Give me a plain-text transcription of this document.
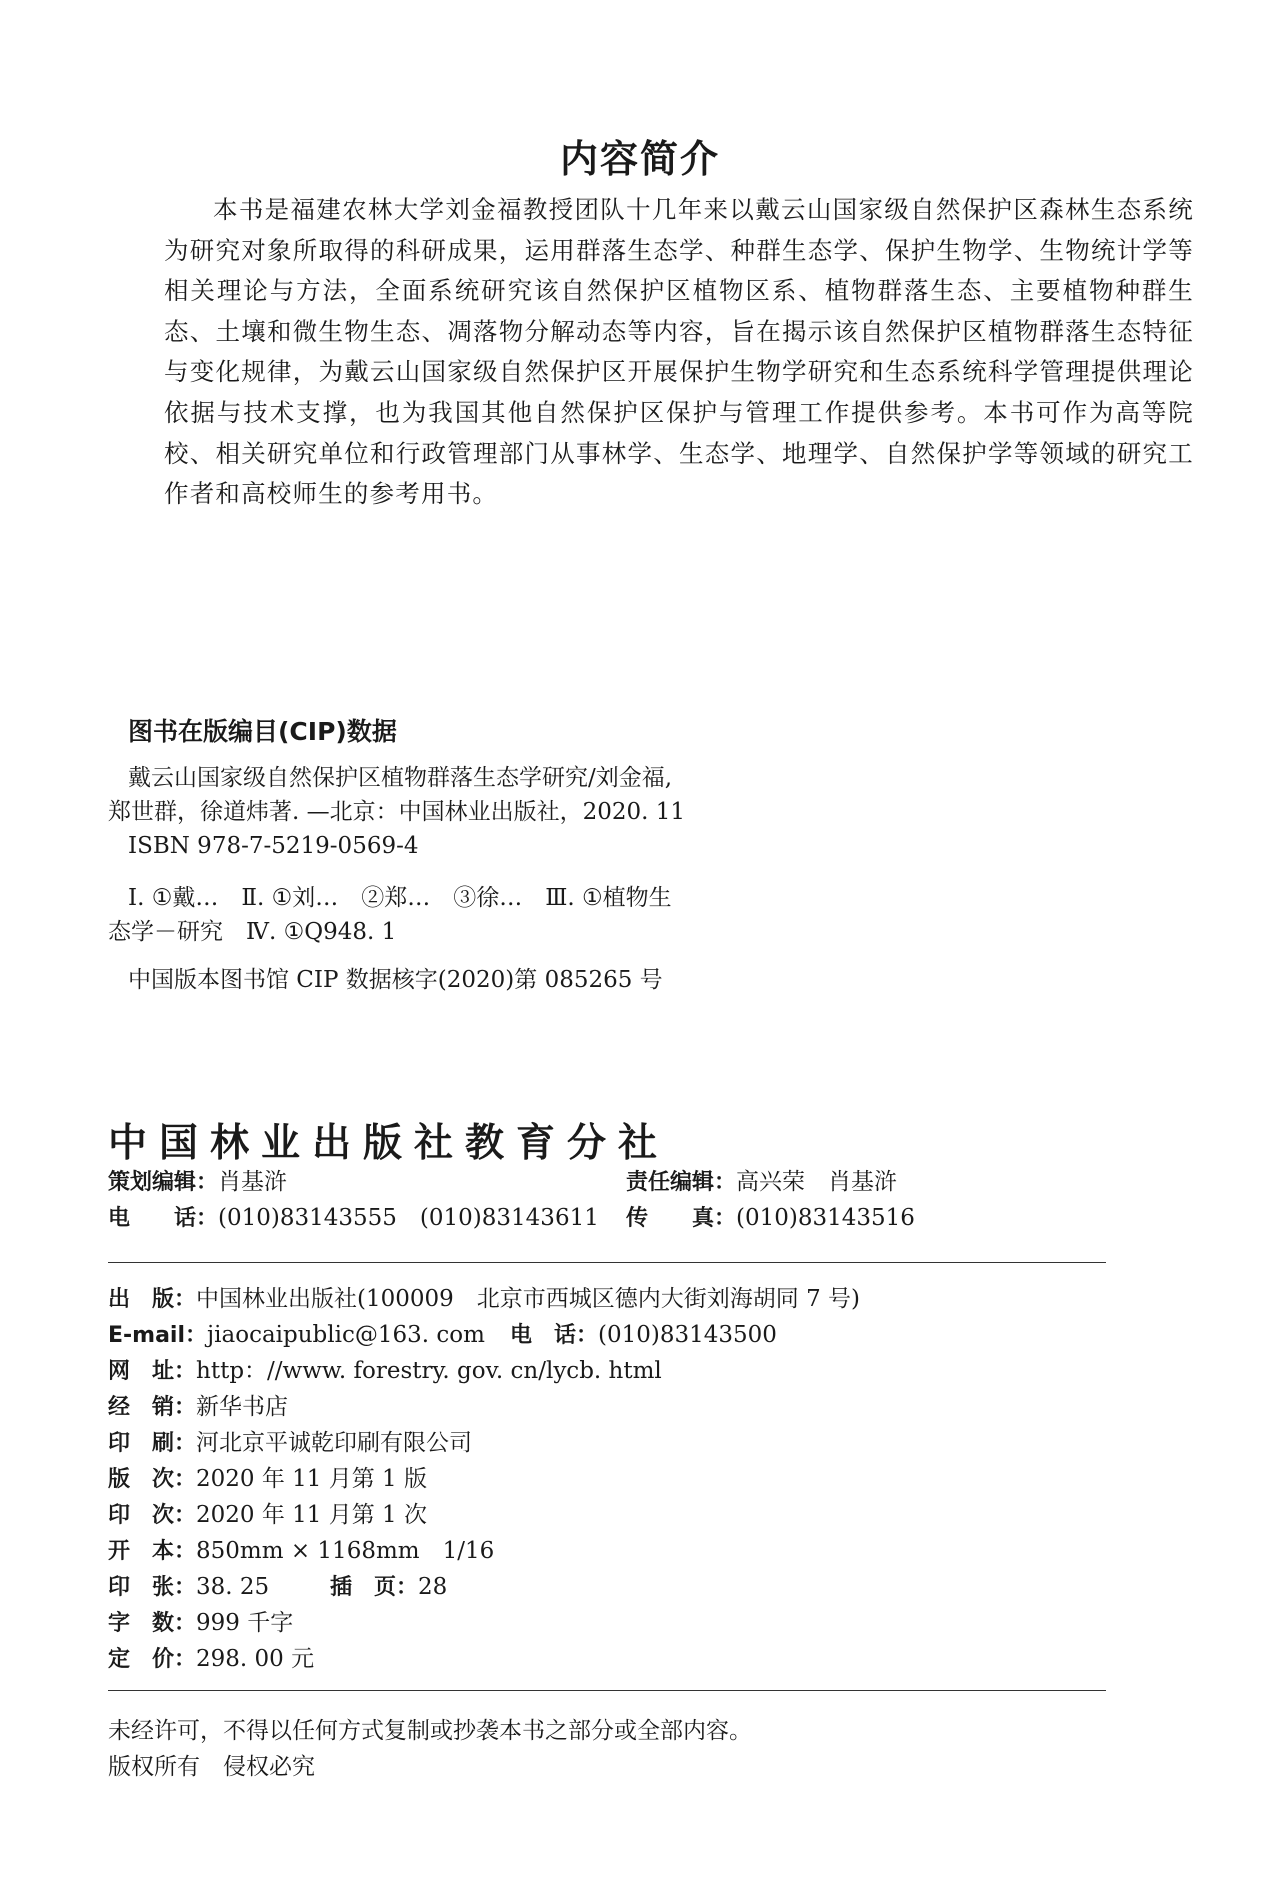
内容简介
本书是福建农林大学刘金福教授团队十几年来以戴云山国家级自然保护区森林生态系统为研究对象所取得的科研成果，运用群落生态学、种群生态学、保护生物学、生物统计学等相关理论与方法，全面系统研究该自然保护区植物区系、植物群落生态、主要植物种群生态、土壤和微生物生态、凋落物分解动态等内容，旨在揭示该自然保护区植物群落生态特征与变化规律，为戴云山国家级自然保护区开展保护生物学研究和生态系统科学管理提供理论依据与技术支撑，也为我国其他自然保护区保护与管理工作提供参考。本书可作为高等院校、相关研究单位和行政管理部门从事林学、生态学、地理学、自然保护学等领域的研究工作者和高校师生的参考用书。
图书在版编目(CIP)数据
戴云山国家级自然保护区植物群落生态学研究/刘金福,
郑世群，徐道炜著. —北京：中国林业出版社，2020. 11
ISBN 978-7-5219-0569-4
Ⅰ. ①戴…　Ⅱ. ①刘…　②郑…　③徐…　Ⅲ. ①植物生
态学－研究　Ⅳ. ①Q948. 1
中国版本图书馆 CIP 数据核字(2020)第 085265 号
中国林业出版社教育分社
策划编辑：肖基浒	责任编辑：高兴荣　肖基浒
电　　话：(010)83143555　(010)83143611 传　　真：(010)83143516
出　版：中国林业出版社(100009　北京市西城区德内大街刘海胡同 7 号)
E-mail：jiaocaipublic@163. com 电　话：(010)83143500
网　址：http：//www. forestry. gov. cn/lycb. html
经　销：新华书店
印　刷：河北京平诚乾印刷有限公司
版　次：2020 年 11 月第 1 版
印　次：2020 年 11 月第 1 次
开　本：850mm × 1168mm　1/16
印　张：38. 25	插　页：28
字　数：999 千字
定　价：298. 00 元
未经许可，不得以任何方式复制或抄袭本书之部分或全部内容。
版权所有　侵权必究
